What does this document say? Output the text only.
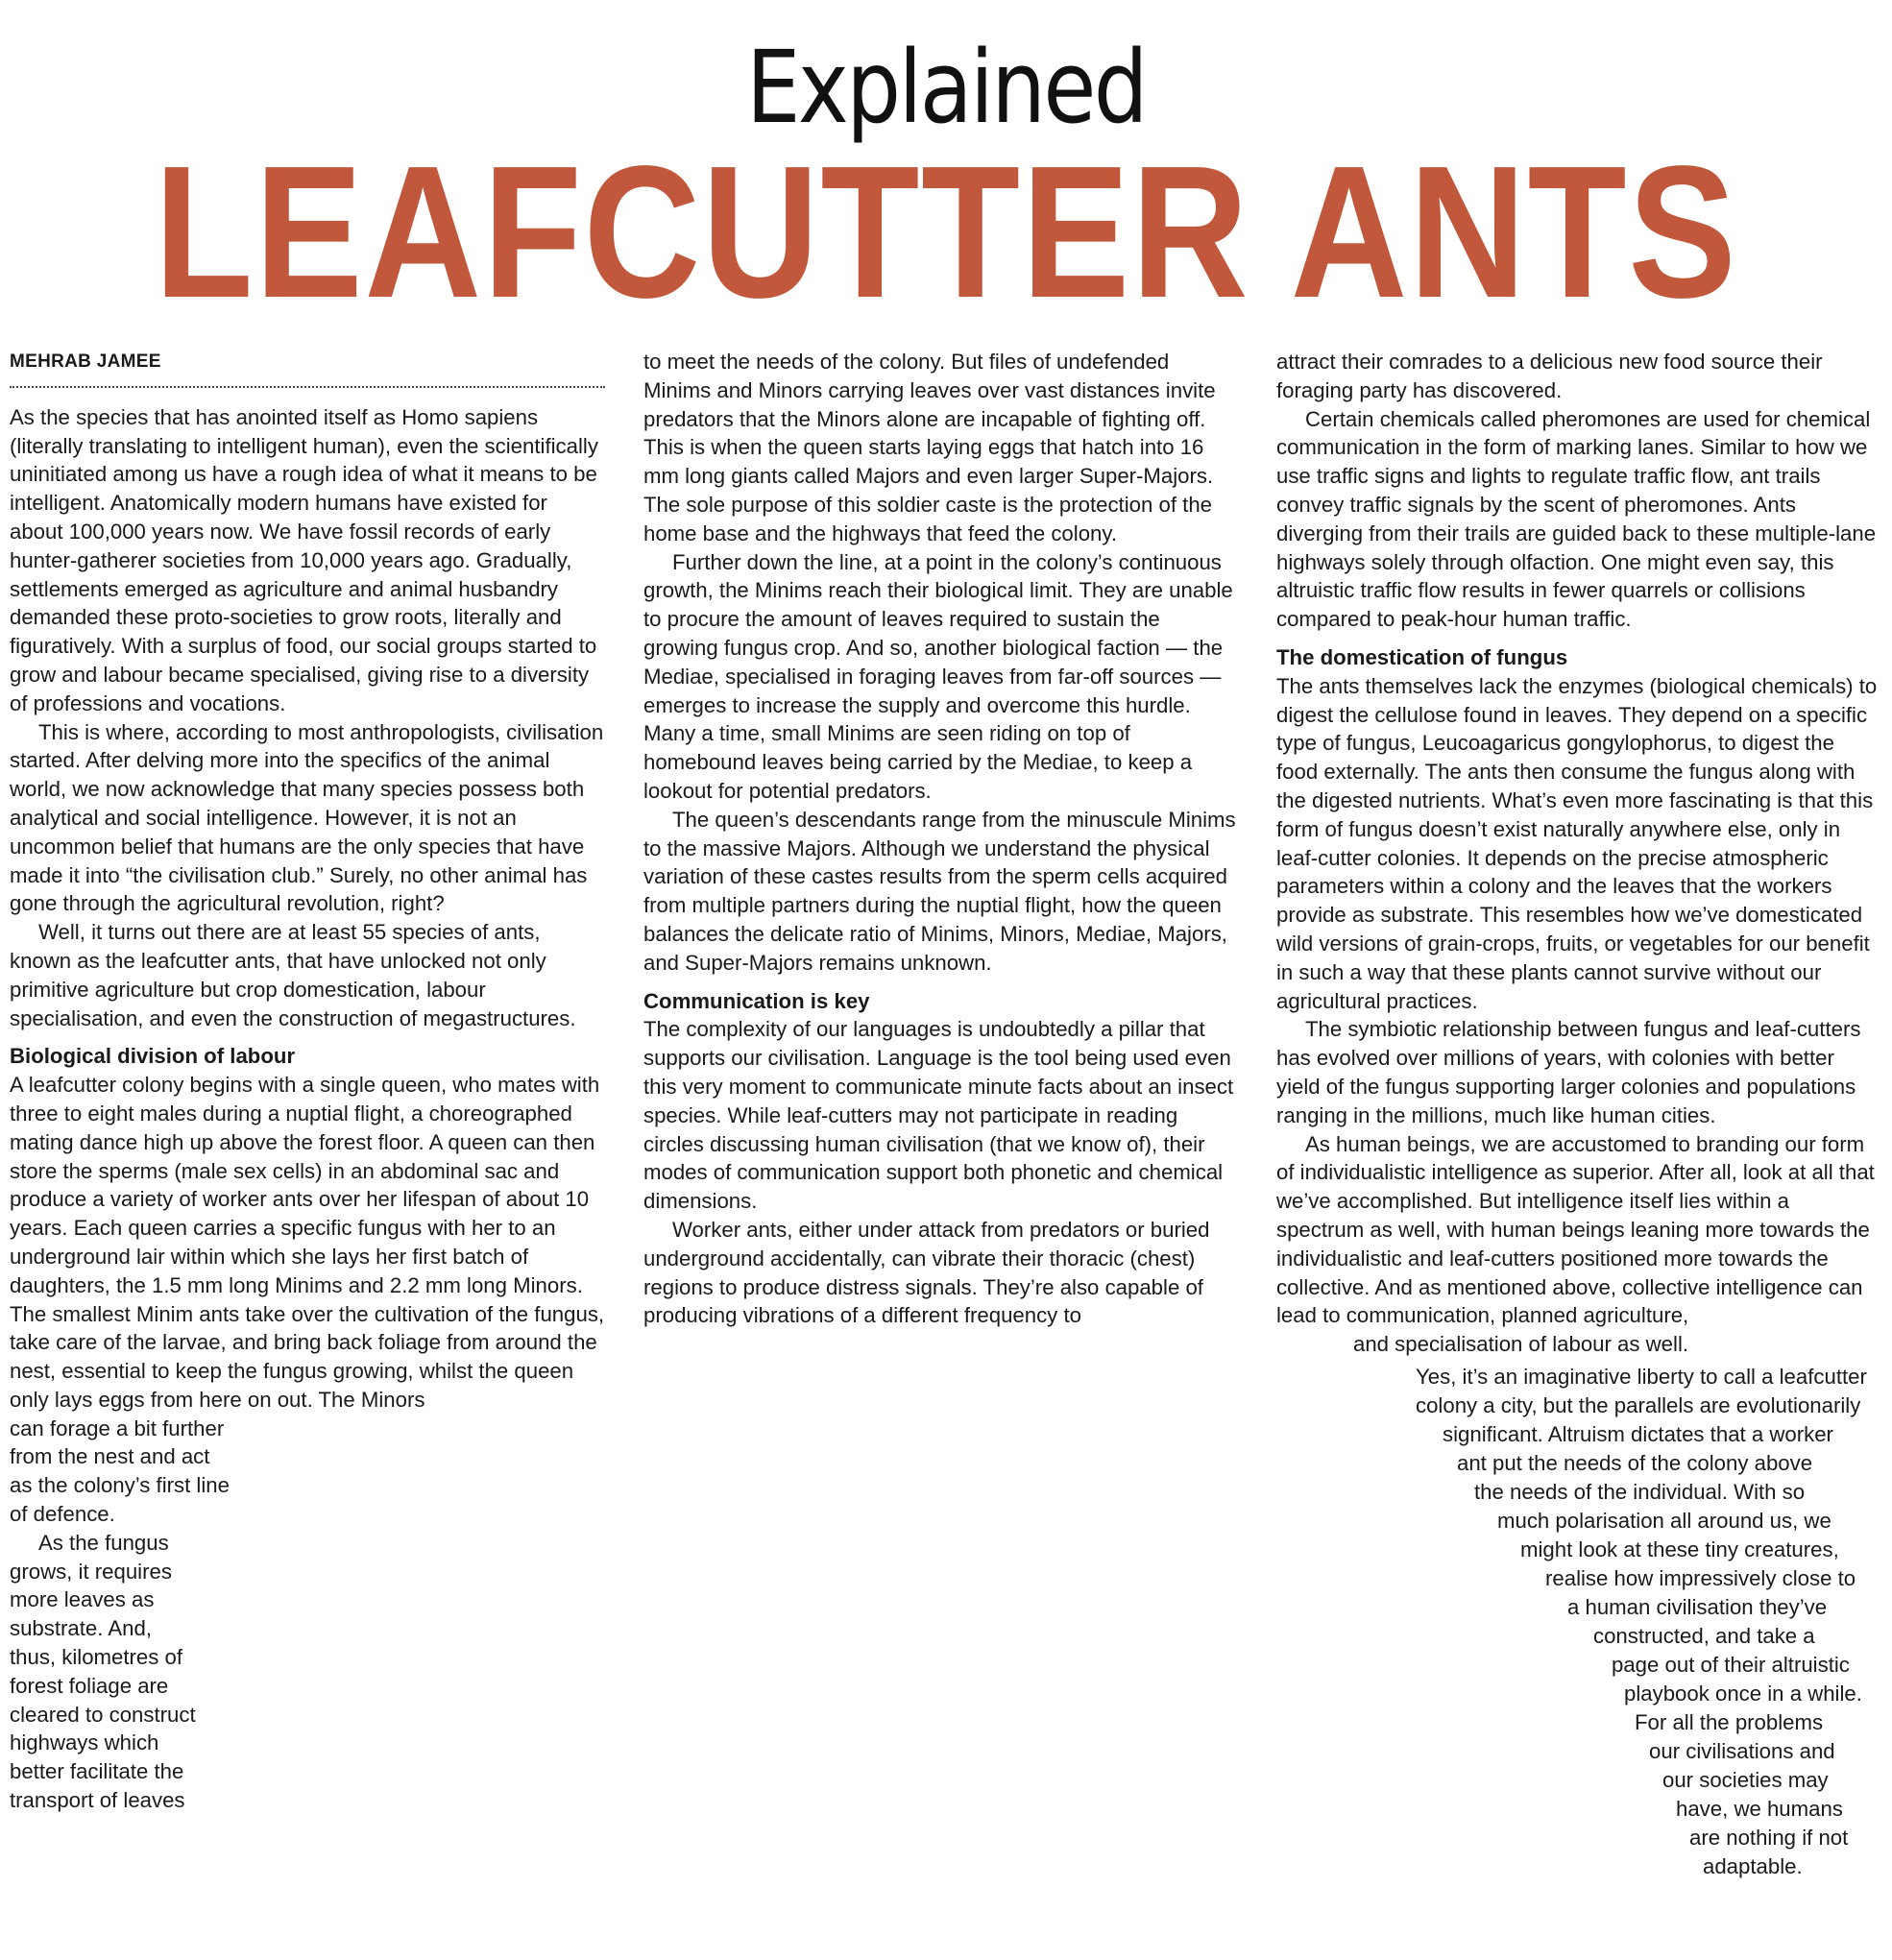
Explained
LEAFCUTTER ANTS
MEHRAB JAMEE

As the species that has anointed itself as Homo sapiens (literally translating to intelligent human), even the scientifically uninitiated among us have a rough idea of what it means to be intelligent. Anatomically modern humans have existed for about 100,000 years now. We have fossil records of early hunter-gatherer societies from 10,000 years ago. Gradually, settlements emerged as agriculture and animal husbandry demanded these proto-societies to grow roots, literally and figuratively. With a surplus of food, our social groups started to grow and labour became specialised, giving rise to a diversity of professions and vocations.

This is where, according to most anthropologists, civilisation started. After delving more into the specifics of the animal world, we now acknowledge that many species possess both analytical and social intelligence. However, it is not an uncommon belief that humans are the only species that have made it into “the civilisation club.” Surely, no other animal has gone through the agricultural revolution, right?

Well, it turns out there are at least 55 species of ants, known as the leafcutter ants, that have unlocked not only primitive agriculture but crop domestication, labour specialisation, and even the construction of megastructures.

Biological division of labour

A leafcutter colony begins with a single queen, who mates with three to eight males during a nuptial flight, a choreographed mating dance high up above the forest floor. A queen can then store the sperms (male sex cells) in an abdominal sac and produce a variety of worker ants over her lifespan of about 10 years. Each queen carries a specific fungus with her to an underground lair within which she lays her first batch of daughters, the 1.5 mm long Minims and 2.2 mm long Minors. The smallest Minim ants take over the cultivation of the fungus, take care of the larvae, and bring back foliage from around the nest, essential to keep the fungus growing, whilst the queen only lays eggs from here on out. The Minors

can forage a bit further from the nest and act as the colony’s first line of defence.

As the fungus grows, it requires more leaves as substrate. And, thus, kilometres of forest foliage are cleared to construct highways which better facilitate the transport of leaves

to meet the needs of the colony. But files of undefended Minims and Minors carrying leaves over vast distances invite predators that the Minors alone are incapable of fighting off. This is when the queen starts laying eggs that hatch into 16 mm long giants called Majors and even larger Super-Majors. The sole purpose of this soldier caste is the protection of the home base and the highways that feed the colony.

Further down the line, at a point in the colony’s continuous growth, the Minims reach their biological limit. They are unable to procure the amount of leaves required to sustain the growing fungus crop. And so, another biological faction — the Mediae, specialised in foraging leaves from far-off sources — emerges to increase the supply and overcome this hurdle. Many a time, small Minims are seen riding on top of homebound leaves being carried by the Mediae, to keep a lookout for potential predators.

The queen’s descendants range from the minuscule Minims to the massive Majors. Although we understand the physical variation of these castes results from the sperm cells acquired from multiple partners during the nuptial flight, how the queen balances the delicate ratio of Minims, Minors, Mediae, Majors, and Super-Majors remains unknown.

Communication is key

The complexity of our languages is undoubtedly a pillar that supports our civilisation. Language is the tool being used even this very moment to communicate minute facts about an insect species. While leaf-cutters may not participate in reading circles discussing human civilisation (that we know of), their modes of communication support both phonetic and chemical dimensions.

Worker ants, either under attack from predators or buried underground accidentally, can vibrate their thoracic (chest) regions to produce distress signals. They’re also capable of producing vibrations of a different frequency to

attract their comrades to a delicious new food source their foraging party has discovered.

Certain chemicals called pheromones are used for chemical communication in the form of marking lanes. Similar to how we use traffic signs and lights to regulate traffic flow, ant trails convey traffic signals by the scent of pheromones. Ants diverging from their trails are guided back to these multiple-lane highways solely through olfaction. One might even say, this altruistic traffic flow results in fewer quarrels or collisions compared to peak-hour human traffic.

The domestication of fungus

The ants themselves lack the enzymes (biological chemicals) to digest the cellulose found in leaves. They depend on a specific type of fungus, Leucoagaricus gongylophorus, to digest the food externally. The ants then consume the fungus along with the digested nutrients. What’s even more fascinating is that this form of fungus doesn’t exist naturally anywhere else, only in leaf-cutter colonies. It depends on the precise atmospheric parameters within a colony and the leaves that the workers provide as substrate. This resembles how we’ve domesticated wild versions of grain-crops, fruits, or vegetables for our benefit in such a way that these plants cannot survive without our agricultural practices.

The symbiotic relationship between fungus and leaf-cutters has evolved over millions of years, with colonies with better yield of the fungus supporting larger colonies and populations ranging in the millions, much like human cities.

As human beings, we are accustomed to branding our form of individualistic intelligence as superior. After all, look at all that we’ve accomplished. But intelligence itself lies within a spectrum as well, with human beings leaning more towards the individualistic and leaf-cutters positioned more towards the collective. And as mentioned above, collective intelligence can lead to communication, planned agriculture,

and specialisation of labour as well.

Yes, it’s an imaginative liberty to call a leafcutter
colony a city, but the parallels are evolutionarily
significant. Altruism dictates that a worker
ant put the needs of the colony above
the needs of the individual. With so
much polarisation all around us, we
might look at these tiny creatures,
realise how impressively close to
a human civilisation they’ve
constructed, and take a
page out of their altruistic
playbook once in a while.
For all the problems
our civilisations and
our societies may
have, we humans
are nothing if not
adaptable.
